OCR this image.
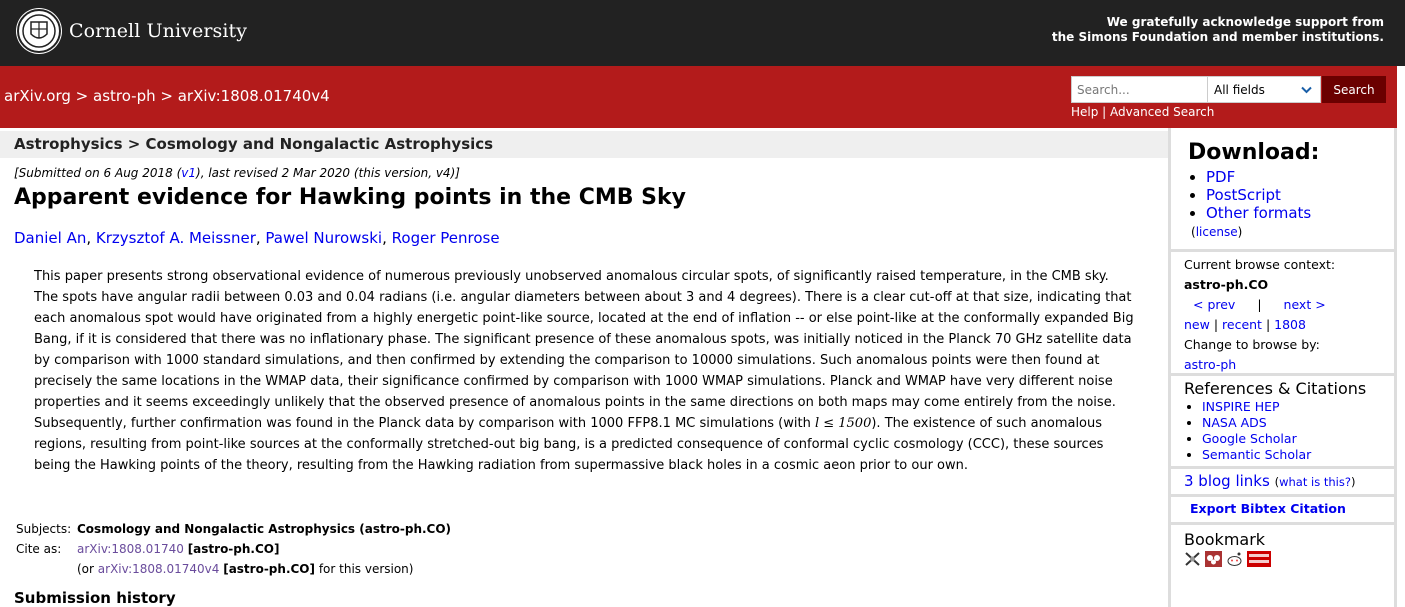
Cornell University	We gratefully acknowledge support from
the Simons Foundation and member institutions.
arXiv.org > astro-ph > arXiv:1808.01740v4	Search...	All fields	Search
Help | Advanced Search
Astrophysics > Cosmology and Nongalactic Astrophysics
[Submitted on 6 Aug 2018 (v1), last revised 2 Mar 2020 (this version, v4)]
Apparent evidence for Hawking points in the CMB Sky
Daniel An, Krzysztof A. Meissner, Pawel Nurowski, Roger Penrose
This paper presents strong observational evidence of numerous previously unobserved anomalous circular spots, of significantly raised temperature, in the CMB sky. The spots have angular radii between 0.03 and 0.04 radians (i.e. angular diameters between about 3 and 4 degrees). There is a clear cut-off at that size, indicating that each anomalous spot would have originated from a highly energetic point-like source, located at the end of inflation -- or else point-like at the conformally expanded Big Bang, if it is considered that there was no inflationary phase. The significant presence of these anomalous spots, was initially noticed in the Planck 70 GHz satellite data by comparison with 1000 standard simulations, and then confirmed by extending the comparison to 10000 simulations. Such anomalous points were then found at precisely the same locations in the WMAP data, their significance confirmed by comparison with 1000 WMAP simulations. Planck and WMAP have very different noise properties and it seems exceedingly unlikely that the observed presence of anomalous points in the same directions on both maps may come entirely from the noise. Subsequently, further confirmation was found in the Planck data by comparison with 1000 FFP8.1 MC simulations (with l ≤ 1500). The existence of such anomalous regions, resulting from point-like sources at the conformally stretched-out big bang, is a predicted consequence of conformal cyclic cosmology (CCC), these sources being the Hawking points of the theory, resulting from the Hawking radiation from supermassive black holes in a cosmic aeon prior to our own.
Subjects: Cosmology and Nongalactic Astrophysics (astro-ph.CO)
Cite as:	arXiv:1808.01740 [astro-ph.CO]
(or arXiv:1808.01740v4 [astro-ph.CO] for this version)
Submission history
Download:
• PDF
• PostScript
• Other formats
(license)
Current browse context:
astro-ph.CO
< prev | next >
new | recent | 1808
Change to browse by:
astro-ph
References & Citations
• INSPIRE HEP
• NASA ADS
• Google Scholar
• Semantic Scholar
3 blog links (what is this?)
Export Bibtex Citation
Bookmark
